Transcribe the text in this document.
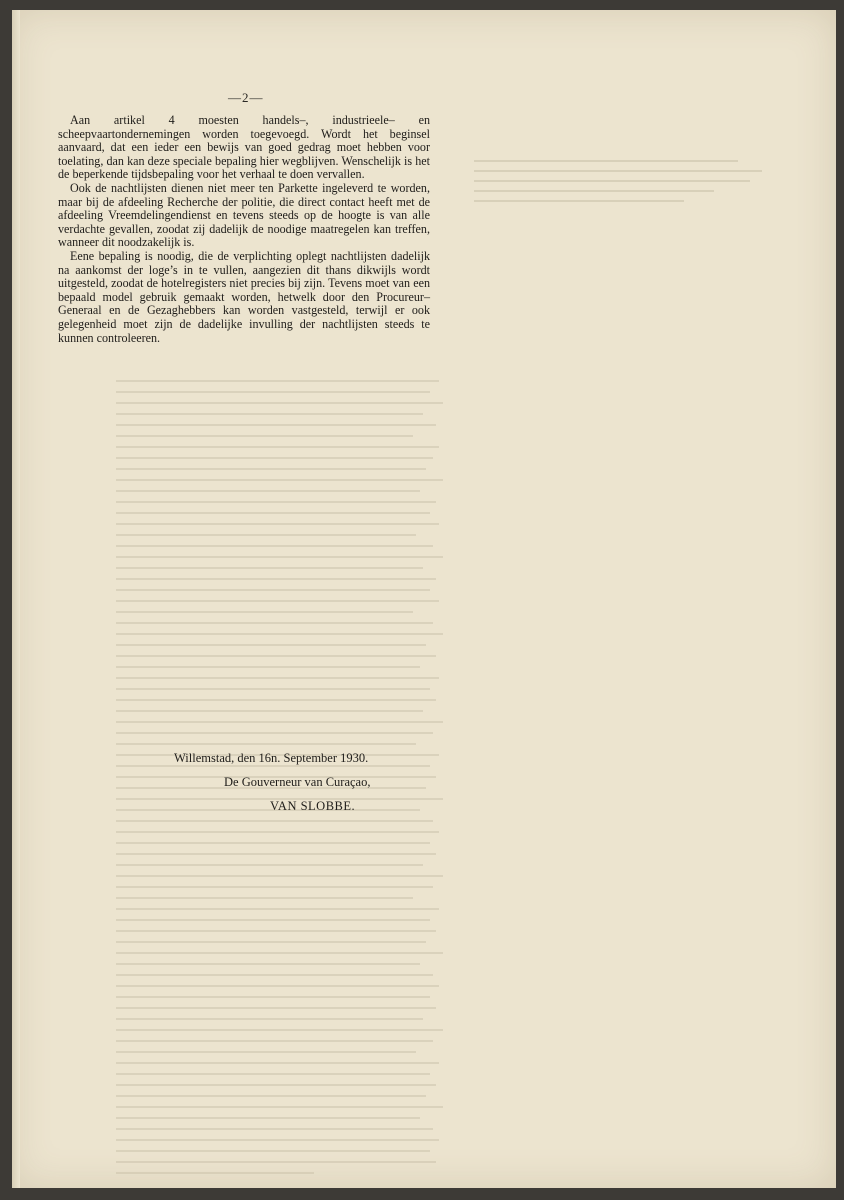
—2—

Aan artikel 4 moesten handels–, industrieele– en scheepvaartondernemingen worden toegevoegd. Wordt het beginsel aanvaard, dat een ieder een bewijs van goed gedrag moet hebben voor toelating, dan kan deze speciale bepaling hier wegblijven. Wenschelijk is het de beperkende tijdsbepaling voor het verhaal te doen vervallen.

Ook de nachtlijsten dienen niet meer ten Parkette ingeleverd te worden, maar bij de afdeeling Recherche der politie, die direct contact heeft met de afdeeling Vreemdelingendienst en tevens steeds op de hoogte is van alle verdachte gevallen, zoodat zij dadelijk de noodige maatregelen kan treffen, wanneer dit noodzakelijk is.

Eene bepaling is noodig, die de verplichting oplegt nachtlijsten dadelijk na aankomst der loge’s in te vullen, aangezien dit thans dikwijls wordt uitgesteld, zoodat de hotelregisters niet precies bij zijn. Tevens moet van een bepaald model gebruik gemaakt worden, hetwelk door den Procureur–Generaal en de Gezaghebbers kan worden vastgesteld, terwijl er ook gelegenheid moet zijn de dadelijke invulling der nachtlijsten steeds te kunnen controleeren.

Willemstad, den 16n. September 1930.
De Gouverneur van Curaçao,
VAN SLOBBE.
